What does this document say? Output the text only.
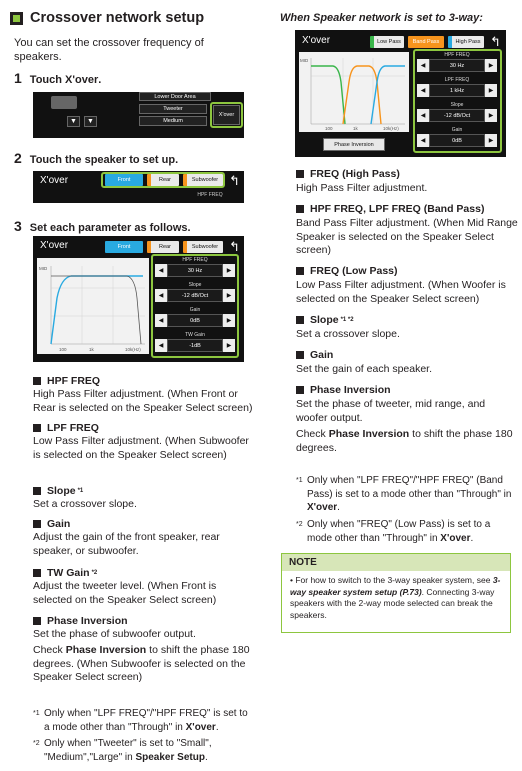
Crossover network setup
You can set the crossover frequency of speakers.
1 Touch
X'over .
▼	▼
Lower Door Area
Tweeter
Medium
X'over
2 Touch the speaker to set up.
X'over	Front	Rear	Subwoofer ↰
HPF FREQ
3 Set each parameter as follows.
X'over	Front	Rear	Subwoofer ↰
MID
100	1k	10k(Hz)
HPF FREQ
◀	30 Hz	▶
Slope
◀	-12 dB/Oct	▶
Gain
◀	0dB	▶
TW Gain
◀	-1dB	▶
HPF FREQ
High Pass Filter adjustment. (When Front or Rear is selected on the Speaker Select screen)
LPF FREQ
Low Pass Filter adjustment. (When Subwoofer is selected on the Speaker Select screen)
Slope *1
Set a crossover slope.
Gain
Adjust the gain of the front speaker, rear speaker, or subwoofer.
TW Gain *2
Adjust the tweeter level. (When Front is selected on the Speaker Select screen)
Phase Inversion
Set the phase of subwoofer output.
Check Phase Inversion to shift the phase 180 degrees. (When Subwoofer is selected on the Speaker Select screen)
*1 Only when "LPF FREQ"/"HPF FREQ" is set to a mode other than "Through" in X'over.
*2 Only when "Tweeter" is set to "Small", "Medium","Large" in Speaker Setup.
When Speaker network is set to 3-way:
X'over	Low Pass	Band Pass	High Pass ↰
MID
100	1k	10k(Hz)
Phase Inversion
HPF FREQ
◀	30 Hz	▶
LPF FREQ
◀	1 kHz	▶
Slope
◀	-12 dB/Oct	▶
Gain
◀	0dB	▶
FREQ (High Pass)
High Pass Filter adjustment.
HPF FREQ, LPF FREQ (Band Pass)
Band Pass Filter adjustment. (When Mid Range Speaker is selected on the Speaker Select screen)
FREQ (Low Pass)
Low Pass Filter adjustment. (When Woofer is selected on the Speaker Select screen)
Slope *1 *2
Set a crossover slope.
Gain
Set the gain of each speaker.
Phase Inversion
Set the phase of tweeter, mid range, and woofer output.
Check Phase Inversion to shift the phase 180 degrees.
*1 Only when "LPF FREQ"/"HPF FREQ" (Band Pass) is set to a mode other than "Through" in X'over.
*2 Only when "FREQ" (Low Pass) is set to a mode other than "Through" in X'over.
NOTE
• For how to switch to the 3-way speaker system, see 3-way speaker system setup (P.73). Connecting 3-way speakers with the 2-way mode selected can break the speakers.
